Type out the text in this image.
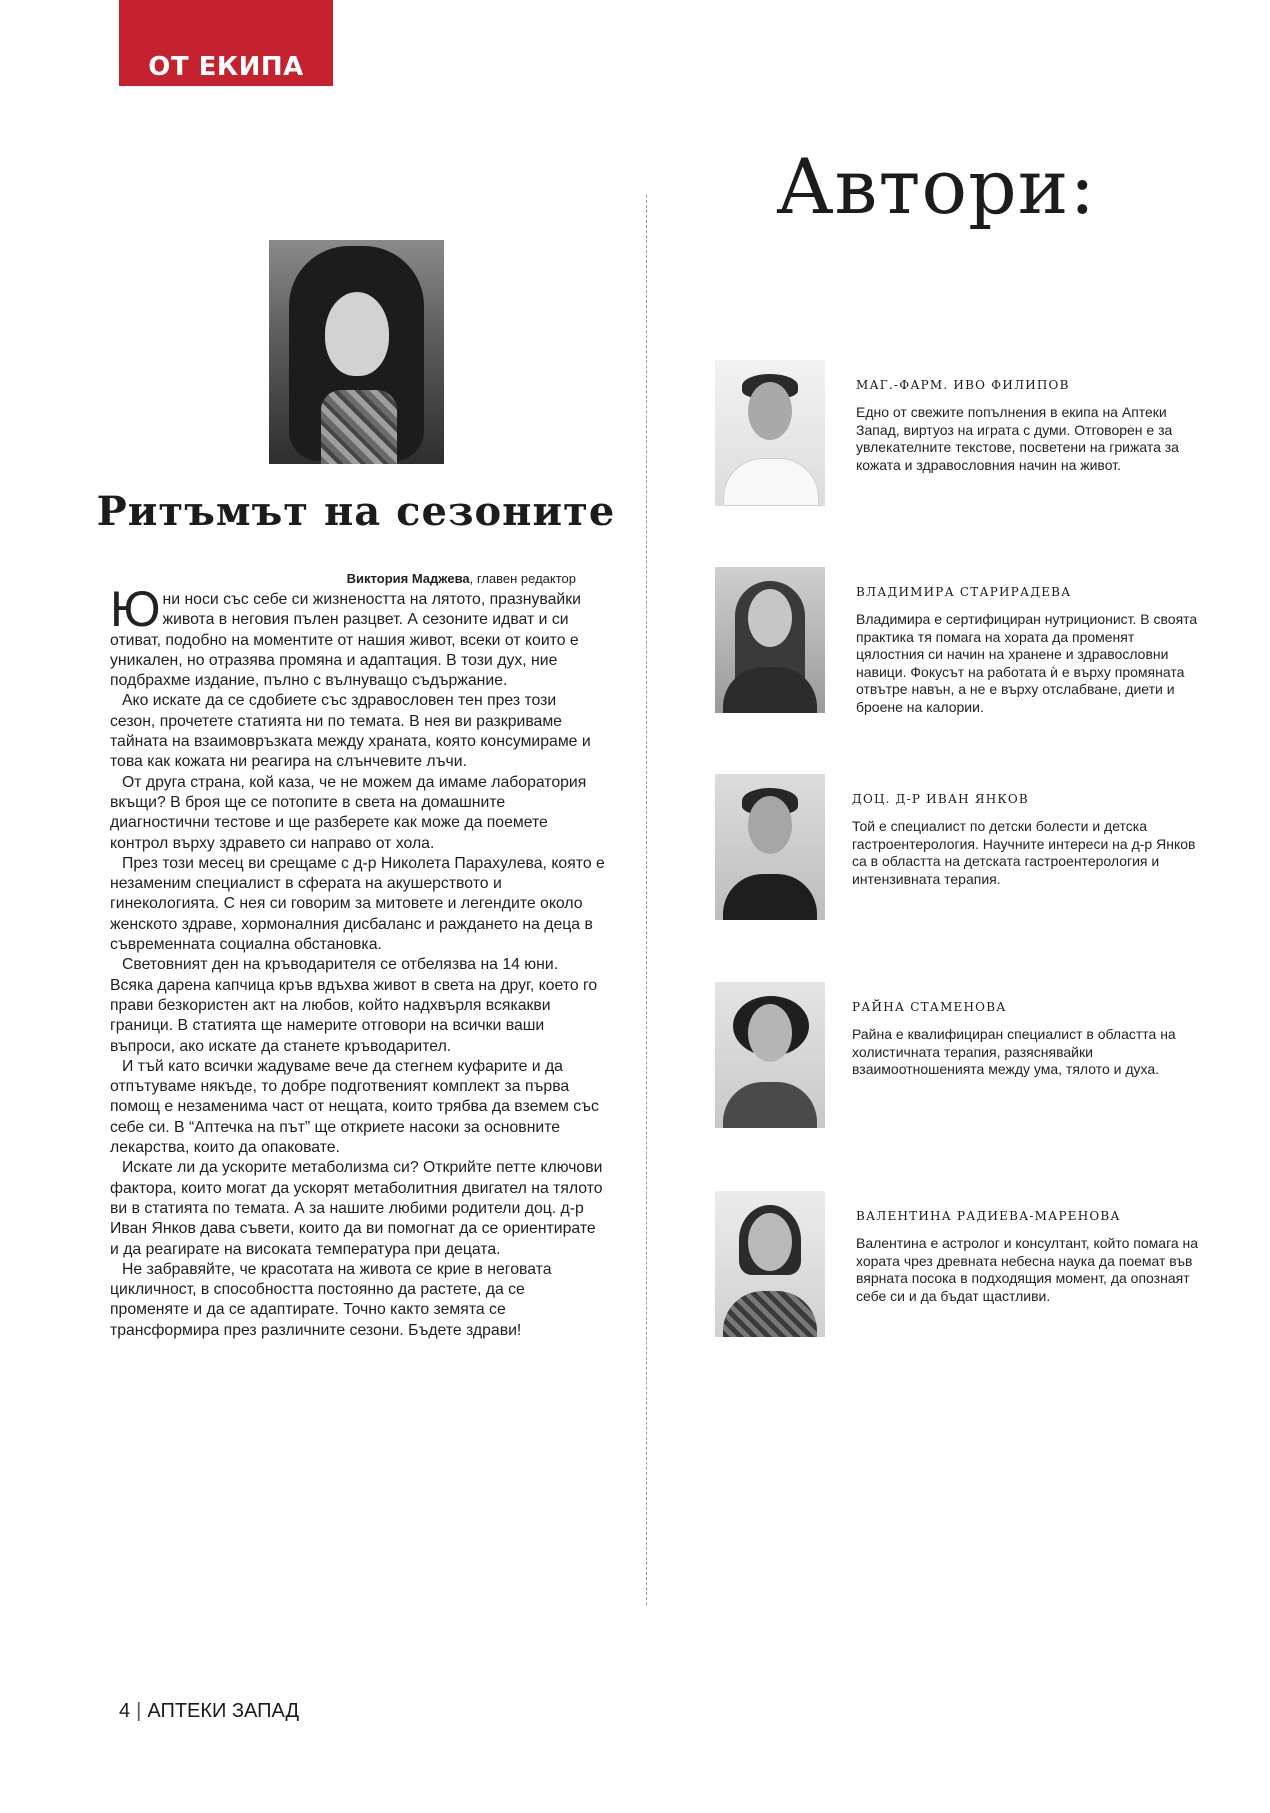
ОТ ЕКИПА
Ритъмът на сезоните
Виктория Маджева, главен редактор

Юни носи със себе си жизнеността на лятото, празнувайки живота в неговия пълен разцвет. А сезоните идват и си отиват, подобно на моментите от нашия живот, всеки от които е уникален, но отразява промяна и адаптация. В този дух, ние подбрахме издание, пълно с вълнуващо съдържание.

Ако искате да се сдобиете със здравословен тен през този сезон, прочетете статията ни по темата. В нея ви разкриваме тайната на взаимовръзката между храната, която консумираме и това как кожата ни реагира на слънчевите лъчи.

От друга страна, кой каза, че не можем да имаме лаборатория вкъщи? В броя ще се потопите в света на домашните диагностични тестове и ще разберете как може да поемете контрол върху здравето си направо от хола.

През този месец ви срещаме с д-р Николета Парахулева, която е незаменим специалист в сферата на акушерството и гинекологията. С нея си говорим за митовете и легендите около женското здраве, хормоналния дисбаланс и раждането на деца в съвременната социална обстановка.

Световният ден на кръводарителя се отбелязва на 14 юни. Всяка дарена капчица кръв вдъхва живот в света на друг, което го прави безкористен акт на любов, който надхвърля всякакви граници. В статията ще намерите отговори на всички ваши въпроси, ако искате да станете кръводарител.

И тъй като всички жадуваме вече да стегнем куфарите и да отпътуваме някъде, то добре подготвеният комплект за първа помощ е незаменима част от нещата, които трябва да вземем със себе си. В “Аптечка на път” ще откриете насоки за основните лекарства, които да опаковате.

Искате ли да ускорите метаболизма си? Открийте петте ключови фактора, които могат да ускорят метаболитния двигател на тялото ви в статията по темата. А за нашите любими родители доц. д-р Иван Янков дава съвети, които да ви помогнат да се ориентирате и да реагирате на високата температура при децата.

Не забравяйте, че красотата на живота се крие в неговата цикличност, в способността постоянно да растете, да се променяте и да се адаптирате. Точно както земята се трансформира през различните сезони. Бъдете здрави!

Автори:
МАГ.-ФАРМ. ИВО ФИЛИПОВ

Едно от свежите попълнения в екипа на Аптеки Запад, виртуоз на играта с думи. Отговорен е за увлекателните текстове, посветени на грижата за кожата и здравословния начин на живот.

ВЛАДИМИРА СТАРИРАДЕВА

Владимира е сертифициран нутриционист. В своята практика тя помага на хората да променят цялостния си начин на хранене и здравословни навици. Фокусът на работата ѝ е върху промяната отвътре навън, а не е върху отслабване, диети и броене на калории.

ДОЦ. Д-Р ИВАН ЯНКОВ

Той е специалист по детски болести и детска гастроентерология. Научните интереси на д-р Янков са в областта на детската гастроентерология и интензивната терапия.

РАЙНА СТАМЕНОВА

Райна е квалифициран специалист в областта на холистичната терапия, разяснявайки взаимоотношенията между ума, тялото и духа.

ВАЛЕНТИНА РАДИЕВА-МАРЕНОВА

Валентина е астролог и консултант, който помага на хората чрез древната небесна наука да поемат във вярната посока в подходящия момент, да опознаят себе си и да бъдат щастливи.

4 | АПТЕКИ ЗАПАД
